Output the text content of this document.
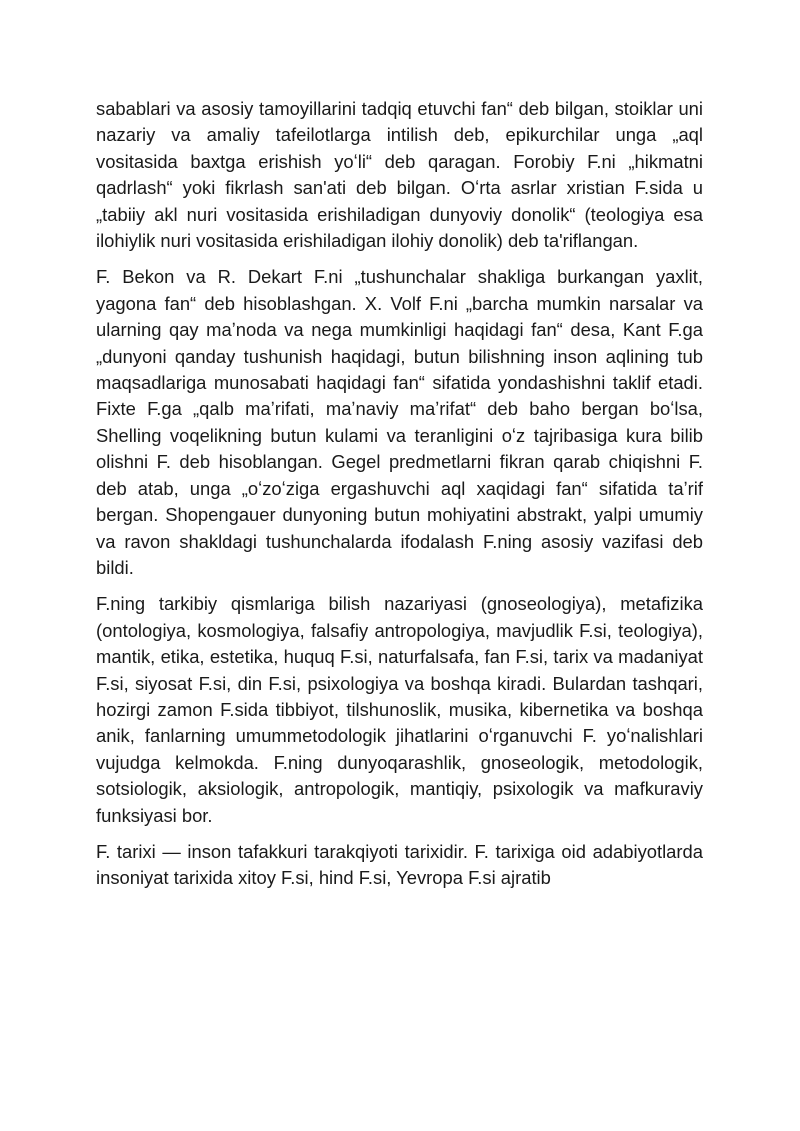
sabablari va asosiy tamoyillarini tadqiq etuvchi fan“ deb bilgan, stoiklar uni nazariy va amaliy tafeilotlarga intilish deb, epikurchilar unga „aql vositasida baxtga erishish yoʻli“ deb qaragan. Forobiy F.ni „hikmatni qadrlash“ yoki fikrlash san'ati deb bilgan. Oʻrta asrlar xristian F.sida u „tabiiy akl nuri vositasida erishiladigan dunyoviy donolik“ (teologiya esa ilohiylik nuri vositasida erishiladigan ilohiy donolik) deb ta'riflangan.

F. Bekon va R. Dekart F.ni „tushunchalar shakliga burkangan yaxlit, yagona fan“ deb hisoblashgan. X. Volf F.ni „barcha mumkin narsalar va ularning qay maʼnoda va nega mumkinligi haqidagi fan“ desa, Kant F.ga „dunyoni qanday tushunish haqidagi, butun bilishning inson aqlining tub maqsadlariga munosabati haqidagi fan“ sifatida yondashishni taklif etadi. Fixte F.ga „qalb maʼrifati, maʼnaviy maʼrifat“ deb baho bergan boʻlsa, Shelling voqelikning butun kulami va teranligini oʻz tajribasiga kura bilib olishni F. deb hisoblangan. Gegel predmetlarni fikran qarab chiqishni F. deb atab, unga „oʻzoʻziga ergashuvchi aql xaqidagi fan“ sifatida taʼrif bergan. Shopengauer dunyoning butun mohiyatini abstrakt, yalpi umumiy va ravon shakldagi tushunchalarda ifodalash F.ning asosiy vazifasi deb bildi.

F.ning tarkibiy qismlariga bilish nazariyasi (gnoseologiya), metafizika (ontologiya, kosmologiya, falsafiy antropologiya, mavjudlik F.si, teologiya), mantik, etika, estetika, huquq F.si, naturfalsafa, fan F.si, tarix va madaniyat F.si, siyosat F.si, din F.si, psixologiya va boshqa kiradi. Bulardan tashqari, hozirgi zamon F.sida tibbiyot, tilshunoslik, musika, kibernetika va boshqa anik, fanlarning umummetodologik jihatlarini oʻrganuvchi F. yoʻnalishlari vujudga kelmokda. F.ning dunyoqarashlik, gnoseologik, metodologik, sotsiologik, aksiologik, antropologik, mantiqiy, psixologik va mafkuraviy funksiyasi bor.

F. tarixi — inson tafakkuri tarakqiyoti tarixidir. F. tarixiga oid adabiyotlarda insoniyat tarixida xitoy F.si, hind F.si, Yevropa F.si ajratib
